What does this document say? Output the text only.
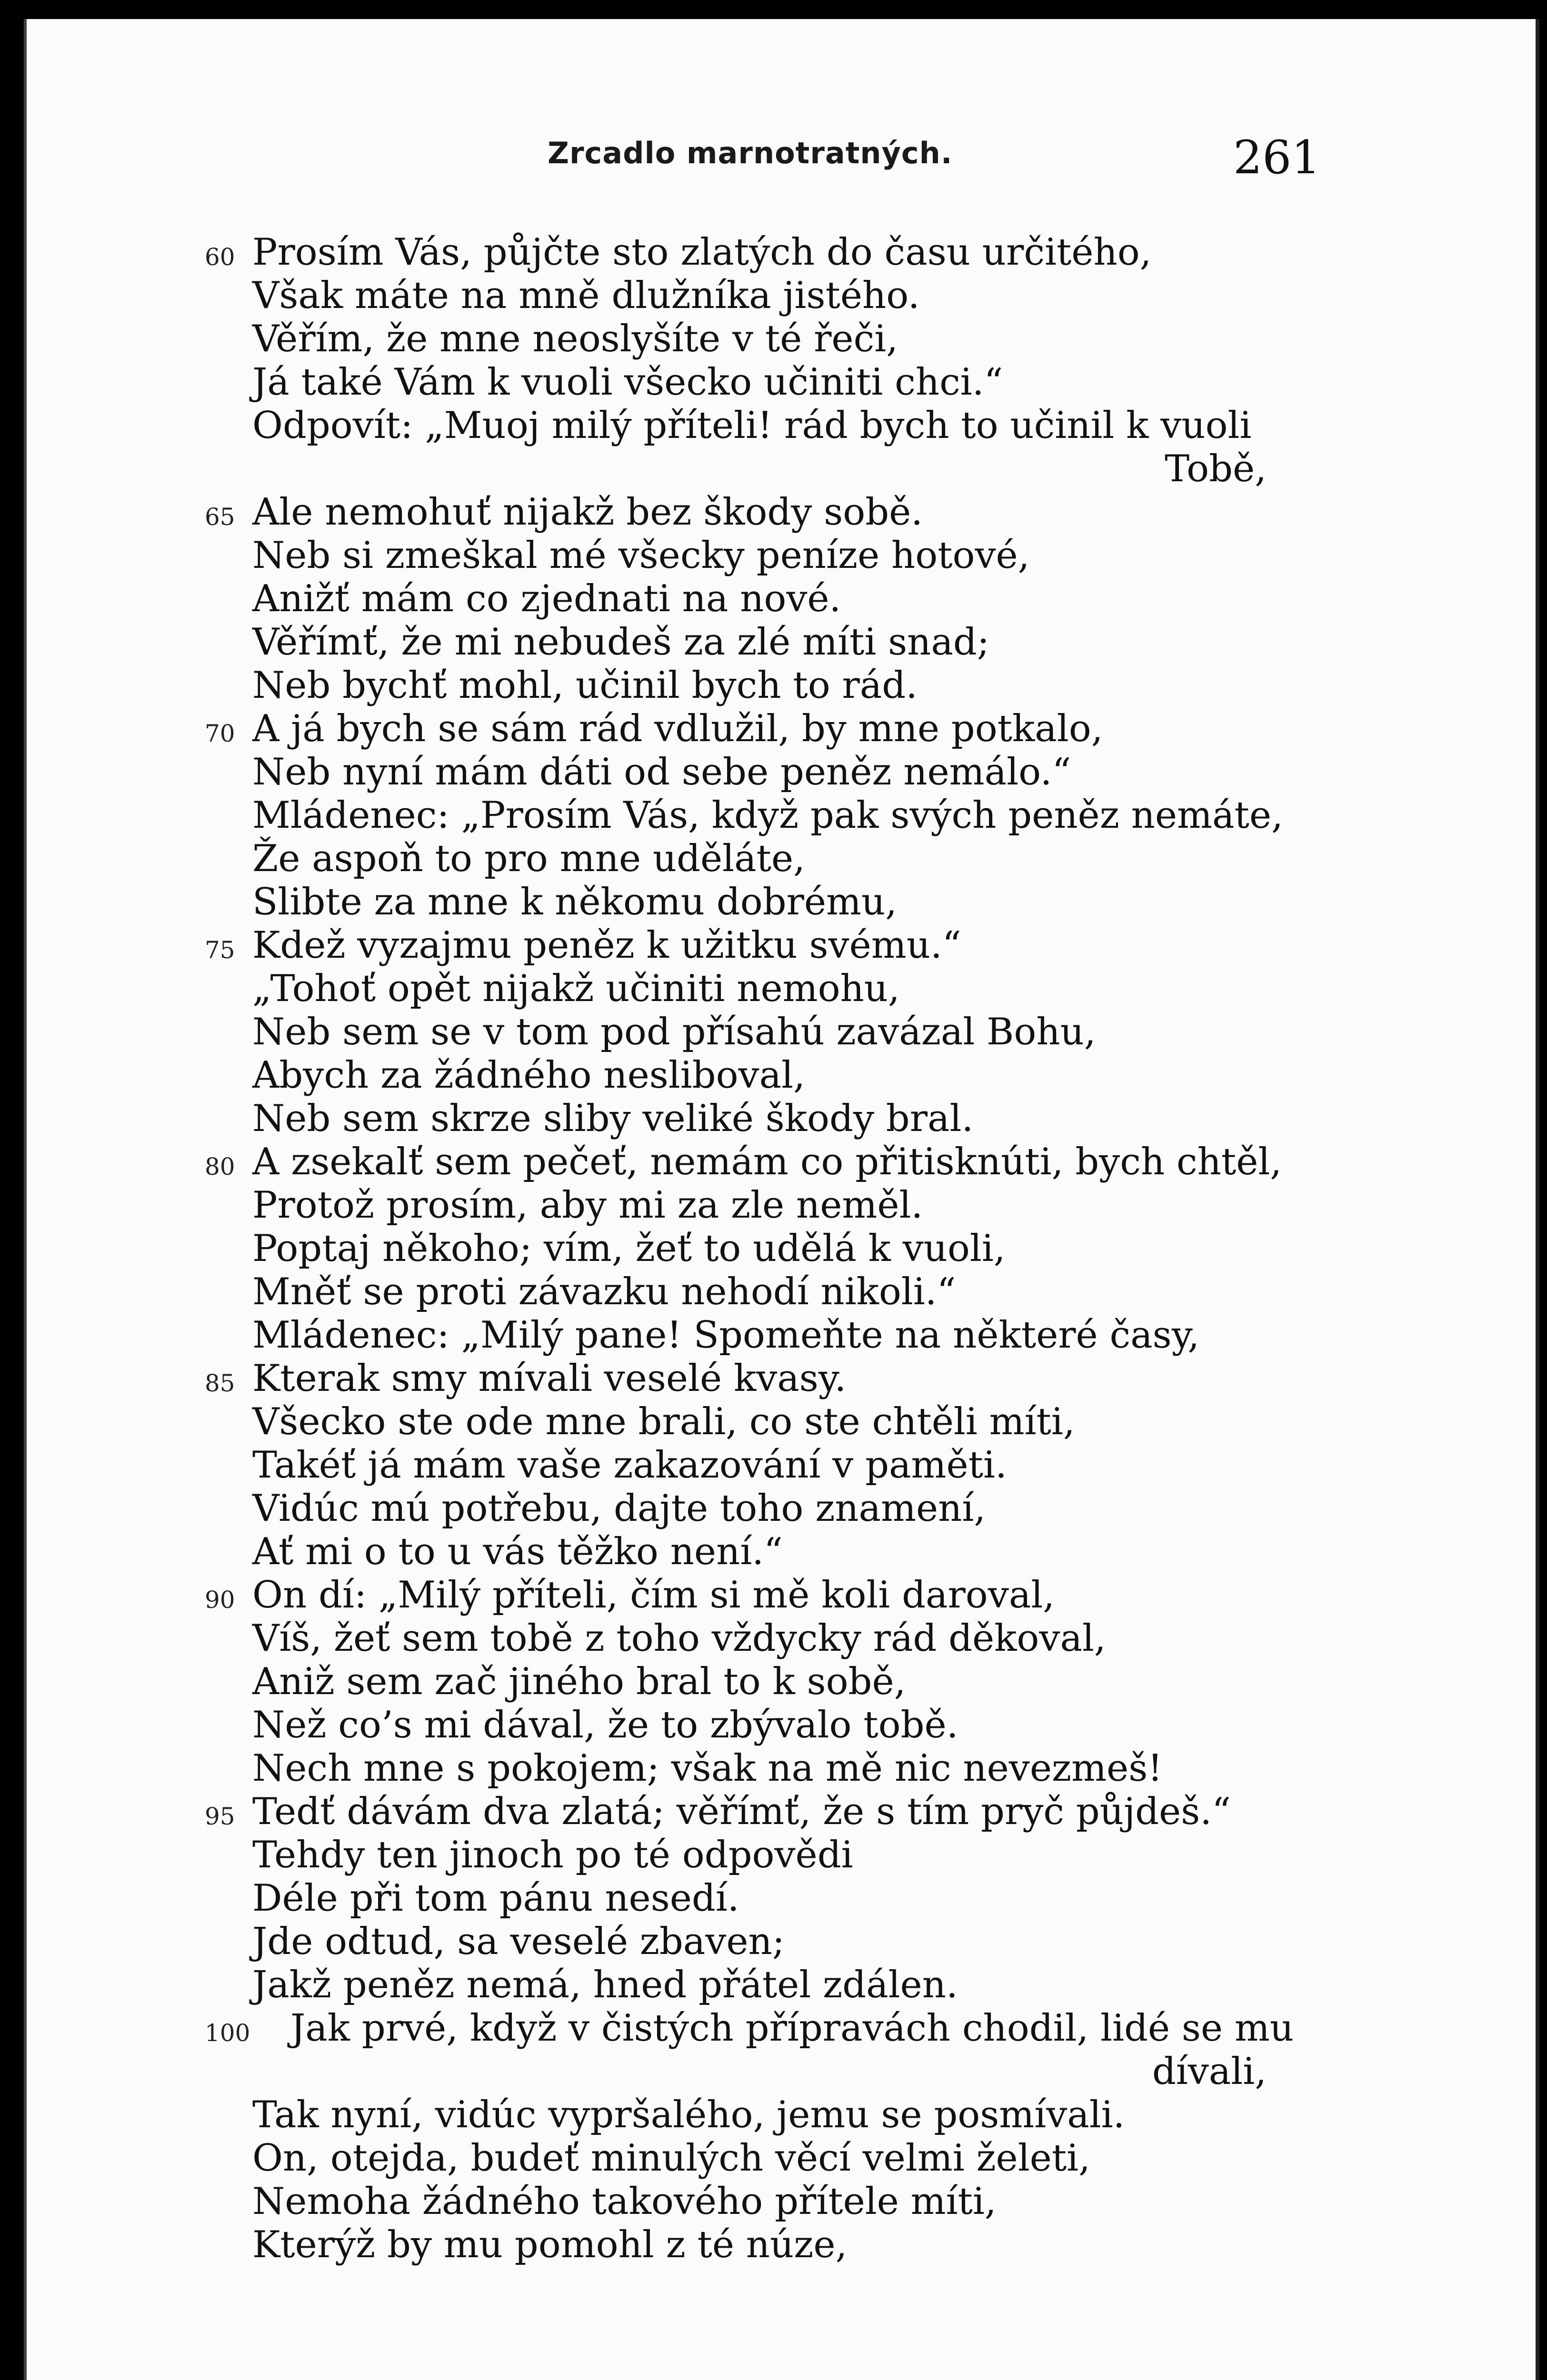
Zrcadlo marnotratných.	261
60 Prosím Vás, půjčte sto zlatých do času určitého,
Však máte na mně dlužníka jistého.
Věřím, že mne neoslyšíte v té řeči,
Já také Vám k vuoli všecko učiniti chci.“
Odpovít: „Muoj milý příteli! rád bych to učinil k vuoli
Tobě,
65 Ale nemohuť nijakž bez škody sobě.
Neb si zmeškal mé všecky peníze hotové,
Anižť mám co zjednati na nové.
Věřímť, že mi nebudeš za zlé míti snad;
Neb bychť mohl, učinil bych to rád.
70 A já bych se sám rád vdlužil, by mne potkalo,
Neb nyní mám dáti od sebe peněz nemálo.“
Mládenec: „Prosím Vás, když pak svých peněz nemáte,
Že aspoň to pro mne uděláte,
Slibte za mne k někomu dobrému,
75 Kdež vyzajmu peněz k užitku svému.“
„Tohoť opět nijakž učiniti nemohu,
Neb sem se v tom pod přísahú zavázal Bohu,
Abych za žádného nesliboval,
Neb sem skrze sliby veliké škody bral.
80 A zsekalť sem pečeť, nemám co přitisknúti, bych chtěl,
Protož prosím, aby mi za zle neměl.
Poptaj někoho; vím, žeť to udělá k vuoli,
Mněť se proti závazku nehodí nikoli.“
Mládenec: „Milý pane! Spomeňte na některé časy,
85 Kterak smy mívali veselé kvasy.
Všecko ste ode mne brali, co ste chtěli míti,
Takéť já mám vaše zakazování v paměti.
Vidúc mú potřebu, dajte toho znamení,
Ať mi o to u vás těžko není.“
90 On dí: „Milý příteli, čím si mě koli daroval,
Víš, žeť sem tobě z toho vždycky rád děkoval,
Aniž sem zač jiného bral to k sobě,
Než co’s mi dával, že to zbývalo tobě.
Nech mne s pokojem; však na mě nic nevezmeš!
95 Tedť dávám dva zlatá; věřímť, že s tím pryč půjdeš.“
Tehdy ten jinoch po té odpovědi
Déle při tom pánu nesedí.
Jde odtud, sa veselé zbaven;
Jakž peněz nemá, hned přátel zdálen.
100 Jak prvé, když v čistých přípravách chodil, lidé se mu
dívali,
Tak nyní, vidúc vypršalého, jemu se posmívali.
On, otejda, budeť minulých věcí velmi želeti,
Nemoha žádného takového přítele míti,
Kterýž by mu pomohl z té núze,
